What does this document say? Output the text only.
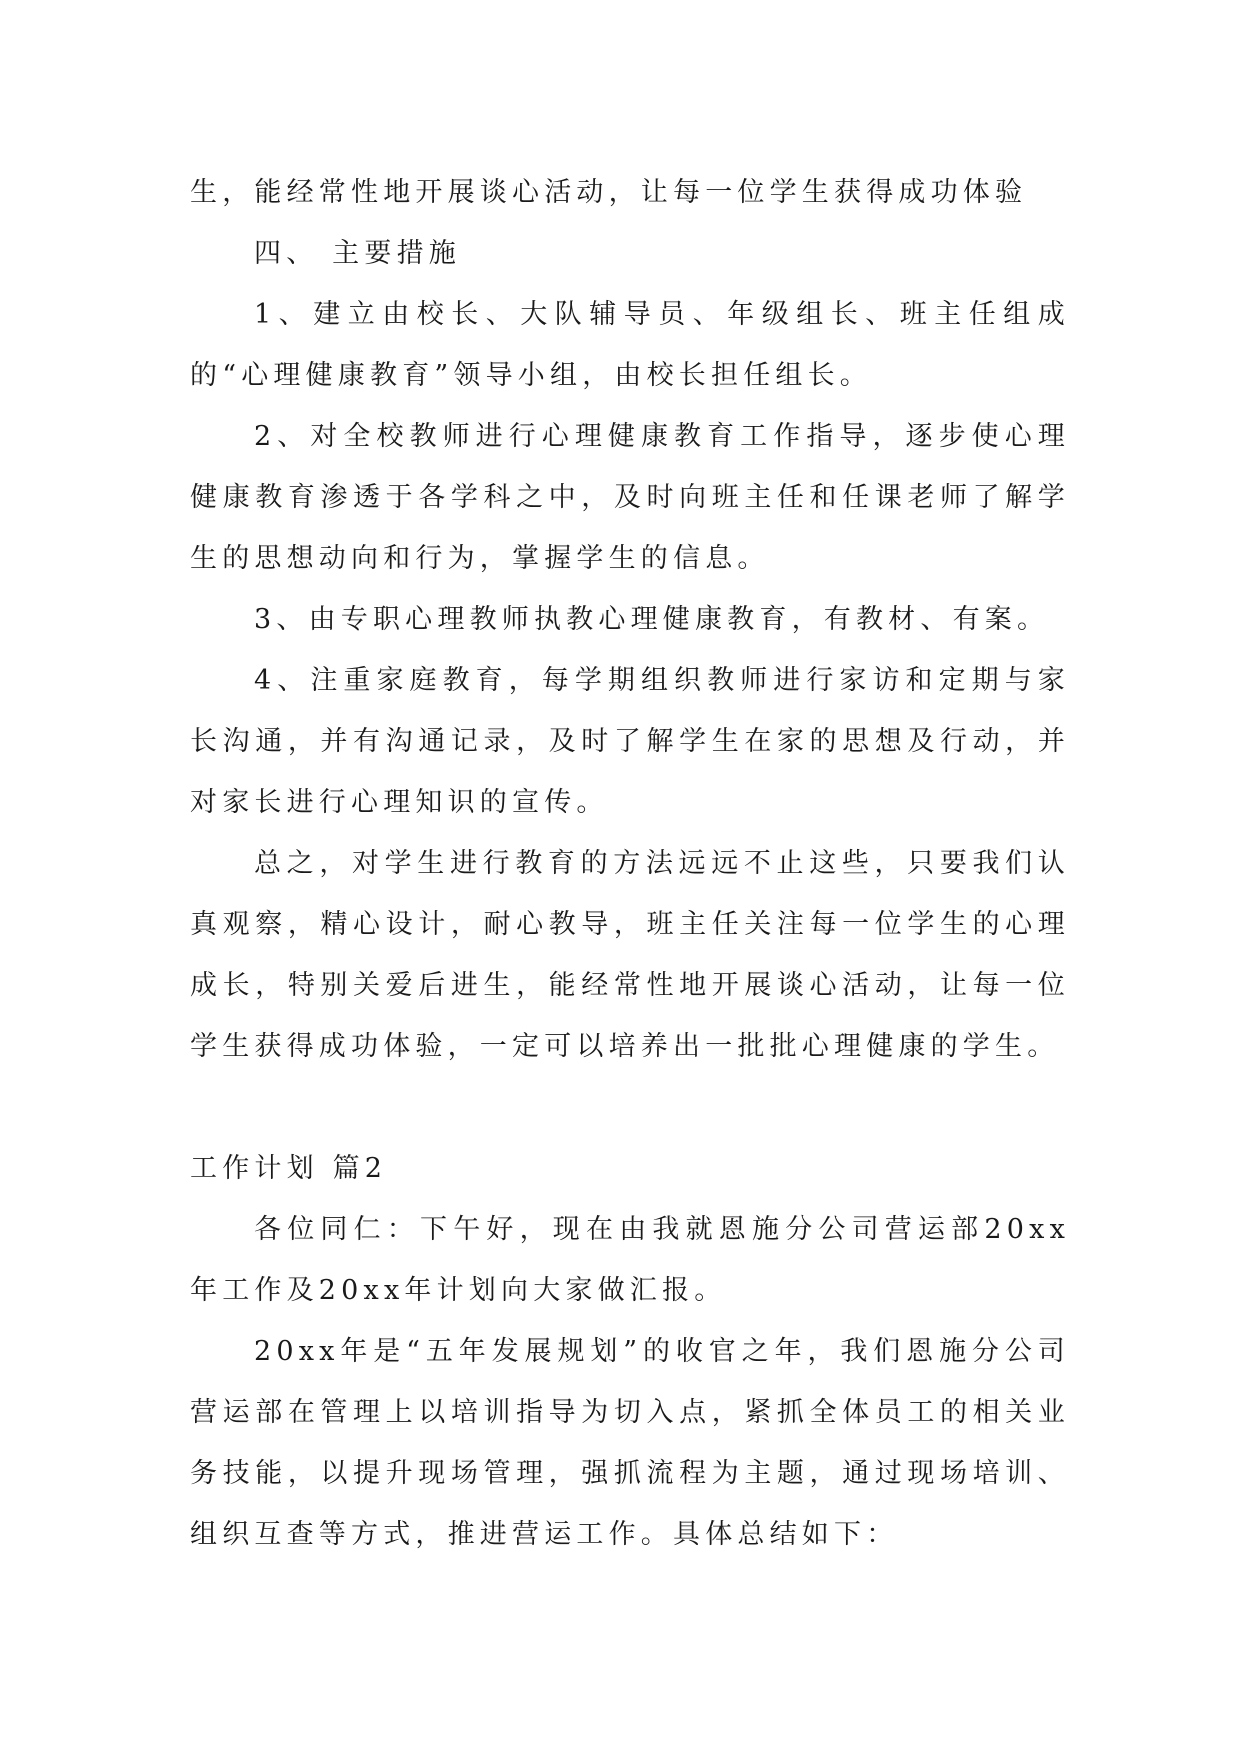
生，能经常性地开展谈心活动，让每一位学生获得成功体验

四、 主要措施

1、建立由校长、大队辅导员、年级组长、班主任组成的“心理健康教育”领导小组，由校长担任组长。

2、对全校教师进行心理健康教育工作指导，逐步使心理健康教育渗透于各学科之中，及时向班主任和任课老师了解学生的思想动向和行为，掌握学生的信息。

3、由专职心理教师执教心理健康教育，有教材、有案。

4、注重家庭教育，每学期组织教师进行家访和定期与家长沟通，并有沟通记录，及时了解学生在家的思想及行动，并对家长进行心理知识的宣传。

总之，对学生进行教育的方法远远不止这些，只要我们认真观察，精心设计，耐心教导，班主任关注每一位学生的心理成长，特别关爱后进生，能经常性地开展谈心活动，让每一位学生获得成功体验，一定可以培养出一批批心理健康的学生。

工作计划 篇2

各位同仁：下午好，现在由我就恩施分公司营运部20xx年工作及20xx年计划向大家做汇报。

20xx年是“五年发展规划”的收官之年，我们恩施分公司营运部在管理上以培训指导为切入点，紧抓全体员工的相关业务技能，以提升现场管理，强抓流程为主题，通过现场培训、组织互查等方式，推进营运工作。具体总结如下：
